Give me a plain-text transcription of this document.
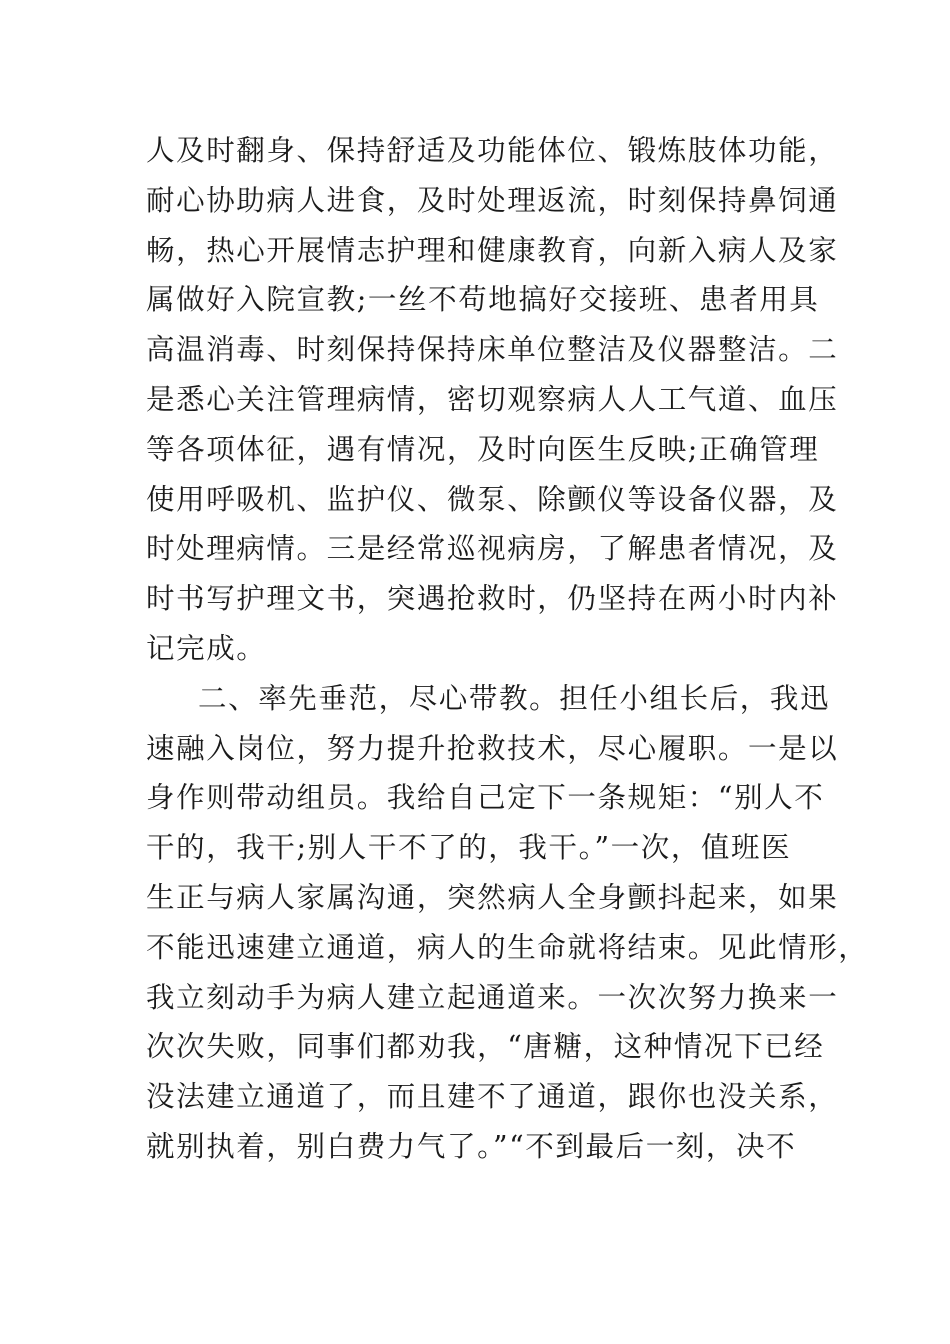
人及时翻身、保持舒适及功能体位、锻炼肢体功能，
耐心协助病人进食，及时处理返流，时刻保持鼻饲通
畅，热心开展情志护理和健康教育，向新入病人及家
属做好入院宣教;一丝不苟地搞好交接班、患者用具
高温消毒、时刻保持保持床单位整洁及仪器整洁。二
是悉心关注管理病情，密切观察病人人工气道、血压
等各项体征，遇有情况，及时向医生反映;正确管理
使用呼吸机、监护仪、微泵、除颤仪等设备仪器，及
时处理病情。三是经常巡视病房，了解患者情况，及
时书写护理文书，突遇抢救时，仍坚持在两小时内补
记完成。
二、率先垂范，尽心带教。担任小组长后，我迅
速融入岗位，努力提升抢救技术，尽心履职。一是以
身作则带动组员。我给自己定下一条规矩：“别人不
干的，我干;别人干不了的，我干。”一次，值班医
生正与病人家属沟通，突然病人全身颤抖起来，如果
不能迅速建立通道，病人的生命就将结束。见此情形，
我立刻动手为病人建立起通道来。一次次努力换来一
次次失败，同事们都劝我，“唐糖，这种情况下已经
没法建立通道了，而且建不了通道，跟你也没关系，
就别执着，别白费力气了。”“不到最后一刻，决不
